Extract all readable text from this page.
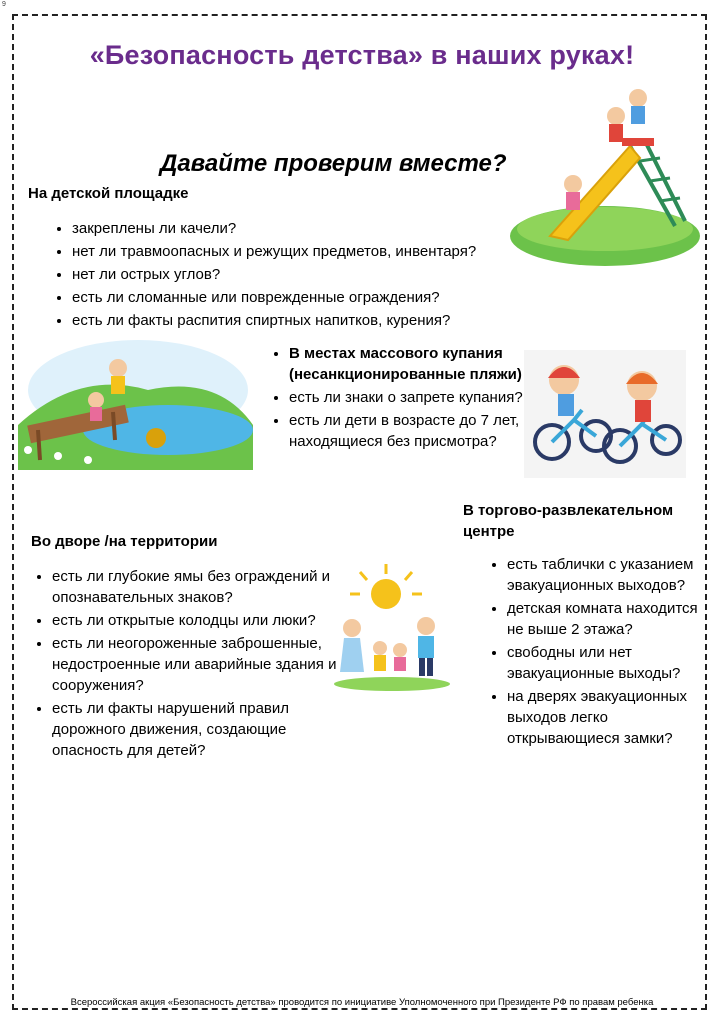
9
«Безопасность детства» в наших руках!
Давайте проверим вместе?
На детской площадке
• закреплены ли качели?
• нет ли травмоопасных и режущих предметов, инвентаря?
• нет ли острых углов?
• есть ли сломанные или поврежденные ограждения?
• есть ли факты распития спиртных напитков, курения?
• В местах массового купания (несанкционированные пляжи)
• есть ли знаки о запрете купания?
• есть ли дети в возрасте до 7 лет, находящиеся без присмотра?
В торгово-развлекательном центре
• есть таблички с указанием эвакуационных выходов?
• детская комната находится не выше 2 этажа?
• свободны или нет эвакуационные выходы?
• на дверях эвакуационных выходов легко открывающиеся замки?
Во дворе /на территории
• есть ли глубокие ямы без ограждений и опознавательных знаков?
• есть ли открытые колодцы или люки?
• есть ли неогороженные заброшенные, недостроенные или аварийные здания и сооружения?
• есть ли факты нарушений правил дорожного движения, создающие опасность для детей?
Всероссийская акция «Безопасность детства» проводится по инициативе Уполномоченного при Президенте РФ по правам ребенка
